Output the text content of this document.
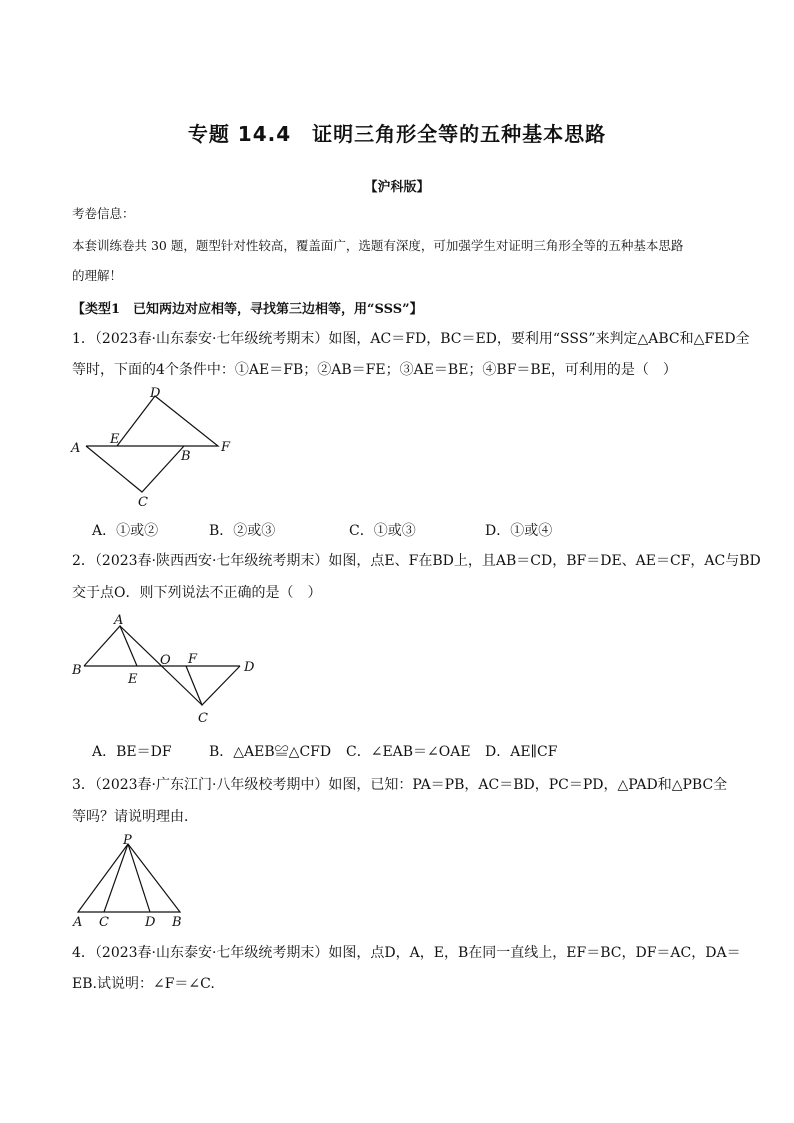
专题 14.4　证明三角形全等的五种基本思路
【沪科版】
考卷信息：
本套训练卷共 30 题，题型针对性较高，覆盖面广，选题有深度，可加强学生对证明三角形全等的五种基本思路
的理解！
【类型1　已知两边对应相等，寻找第三边相等，用“SSS”】
1．（2023春·山东泰安·七年级统考期末）如图，AC＝FD，BC＝ED，要利用“SSS”来判定△ABC和△FED全
等时，下面的4个条件中：①AE＝FB；②AB＝FE；③AE＝BE；④BF＝BE，可利用的是（　）
D
E
A	F
B
C
A．①或②	B．②或③	C．①或③	D．①或④
2．（2023春·陕西西安·七年级统考期末）如图，点E、F在BD上，且AB＝CD，BF＝DE、AE＝CF，AC与BD
交于点O．则下列说法不正确的是（　）
A
B
E
O F
D
C
A．BE＝DF	B．△AEB≌△CFD C．∠EAB＝∠OAE D．AE∥CF
3．（2023春·广东江门·八年级校考期中）如图，已知：PA＝PB，AC＝BD，PC＝PD，△PAD和△PBC全
等吗？请说明理由．
P
A C	D B
4．（2023春·山东泰安·七年级统考期末）如图，点D，A，E，B在同一直线上，EF＝BC，DF＝AC，DA＝
EB.试说明：∠F＝∠C.
